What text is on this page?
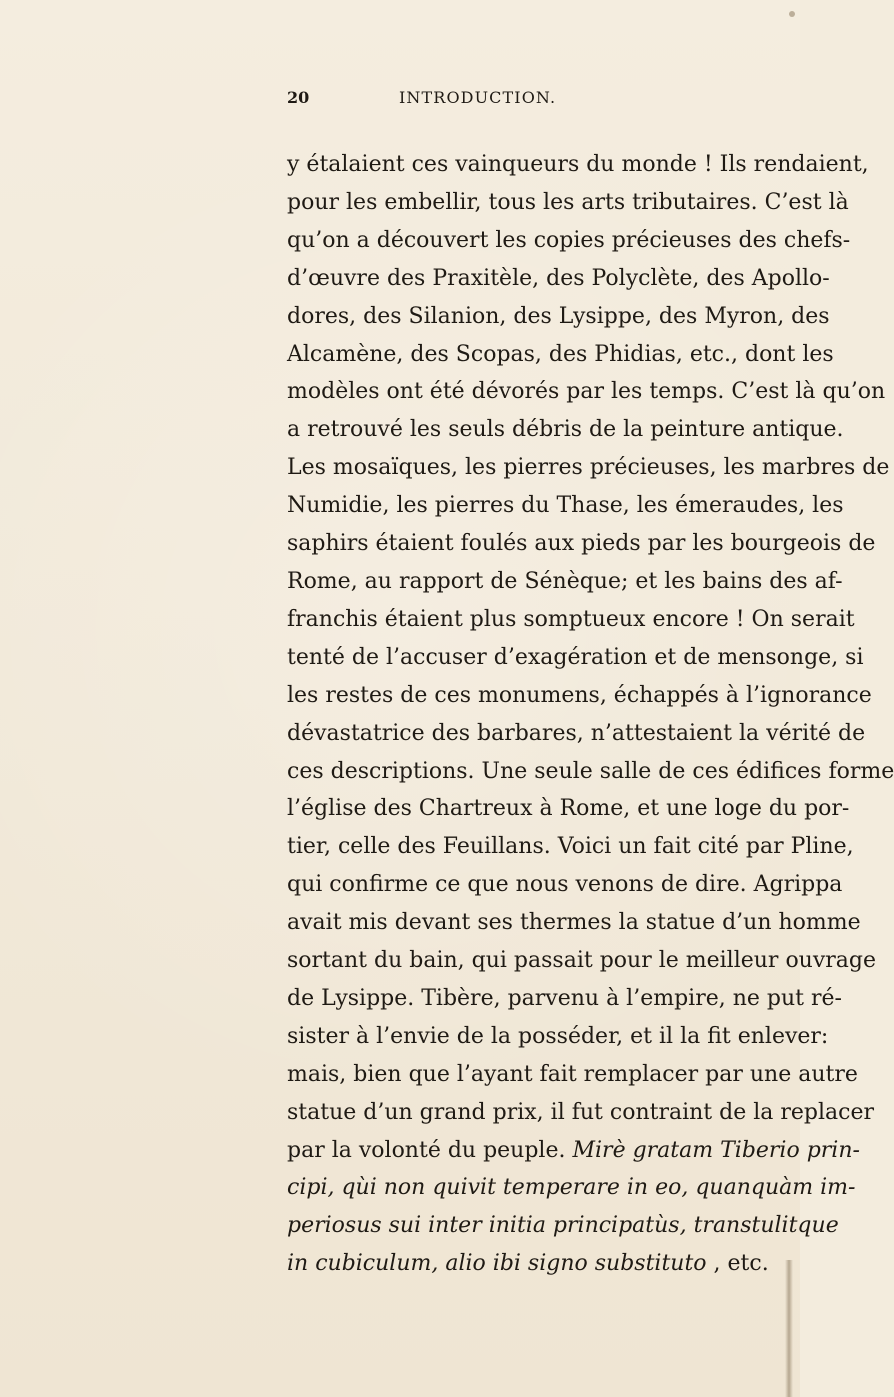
20	INTRODUCTION.
y étalaient ces vainqueurs du monde ! Ils rendaient,
pour les embellir, tous les arts tributaires. C’est là
qu’on a découvert les copies précieuses des chefs-
d’œuvre des Praxitèle, des Polyclète, des Apollo-
dores, des Silanion, des Lysippe, des Myron, des
Alcamène, des Scopas, des Phidias, etc., dont les
modèles ont été dévorés par les temps. C’est là qu’on
a retrouvé les seuls débris de la peinture antique.
Les mosaïques, les pierres précieuses, les marbres de
Numidie, les pierres du Thase, les émeraudes, les
saphirs étaient foulés aux pieds par les bourgeois de
Rome, au rapport de Sénèque; et les bains des af-
franchis étaient plus somptueux encore ! On serait
tenté de l’accuser d’exagération et de mensonge, si
les restes de ces monumens, échappés à l’ignorance
dévastatrice des barbares, n’attestaient la vérité de
ces descriptions. Une seule salle de ces édifices forme
l’église des Chartreux à Rome, et une loge du por-
tier, celle des Feuillans. Voici un fait cité par Pline,
qui confirme ce que nous venons de dire. Agrippa
avait mis devant ses thermes la statue d’un homme
sortant du bain, qui passait pour le meilleur ouvrage
de Lysippe. Tibère, parvenu à l’empire, ne put ré-
sister à l’envie de la posséder, et il la fit enlever:
mais, bien que l’ayant fait remplacer par une autre
statue d’un grand prix, il fut contraint de la replacer
par la volonté du peuple. Mirè gratam Tiberio prin-
cipi, qùi non quivit temperare in eo, quanquàm im-
periosus sui inter initia principatùs, transtulitque
in cubiculum, alio ibi signo substituto , etc.
